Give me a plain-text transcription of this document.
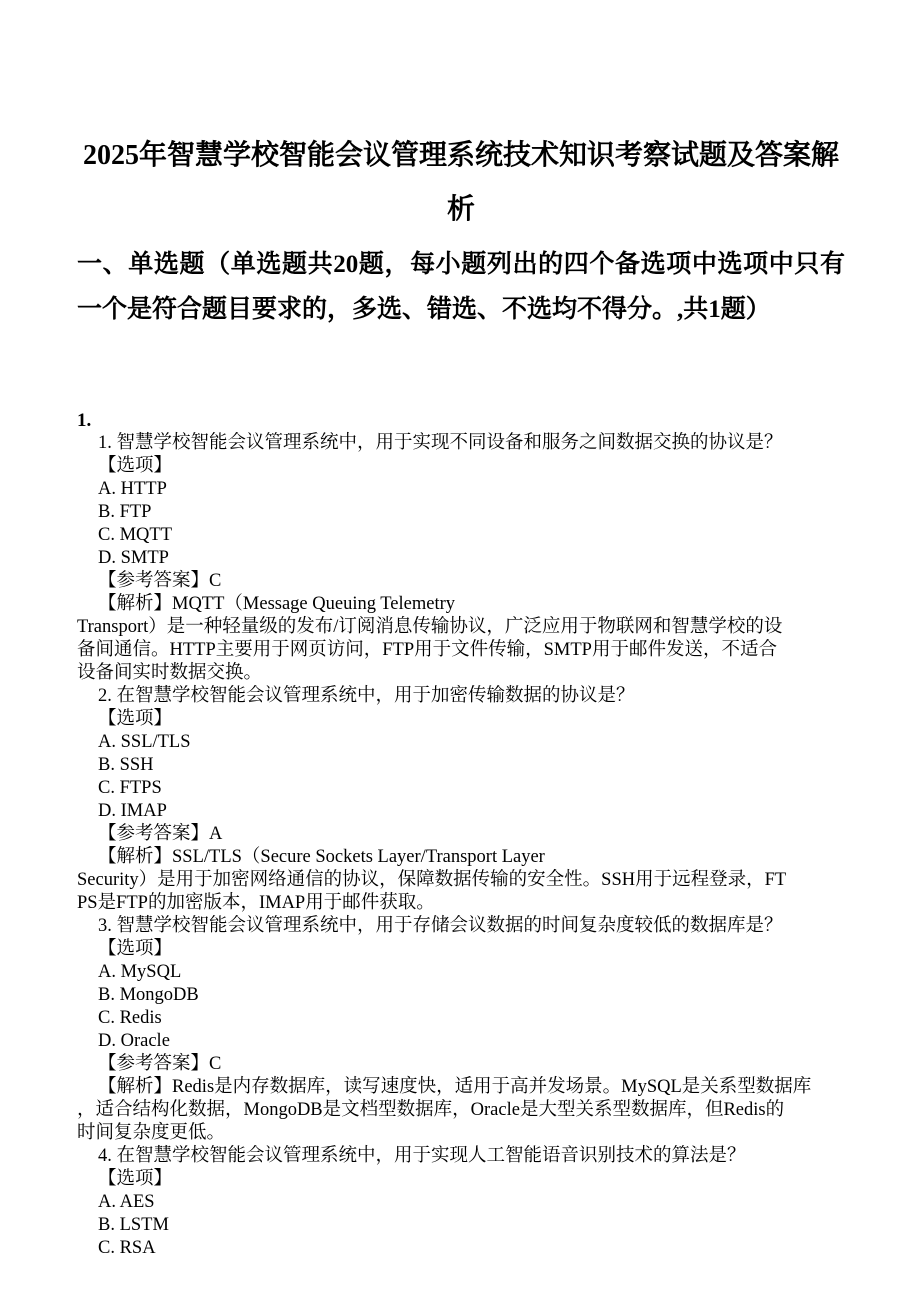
2025年智慧学校智能会议管理系统技术知识考察试题及答案解
析
一、单选题（单选题共20题，每小题列出的四个备选项中选项中只有
一个是符合题目要求的，多选、错选、不选均不得分。,共1题）
1.
1. 智慧学校智能会议管理系统中，用于实现不同设备和服务之间数据交换的协议是？
【选项】
A. HTTP
B. FTP
C. MQTT
D. SMTP
【参考答案】C
【解析】MQTT（Message Queuing Telemetry
Transport）是一种轻量级的发布/订阅消息传输协议，广泛应用于物联网和智慧学校的设
备间通信。HTTP主要用于网页访问，FTP用于文件传输，SMTP用于邮件发送，不适合
设备间实时数据交换。
2. 在智慧学校智能会议管理系统中，用于加密传输数据的协议是？
【选项】
A. SSL/TLS
B. SSH
C. FTPS
D. IMAP
【参考答案】A
【解析】SSL/TLS（Secure Sockets Layer/Transport Layer
Security）是用于加密网络通信的协议，保障数据传输的安全性。SSH用于远程登录，FT
PS是FTP的加密版本，IMAP用于邮件获取。
3. 智慧学校智能会议管理系统中，用于存储会议数据的时间复杂度较低的数据库是？
【选项】
A. MySQL
B. MongoDB
C. Redis
D. Oracle
【参考答案】C
【解析】Redis是内存数据库，读写速度快，适用于高并发场景。MySQL是关系型数据库
，适合结构化数据，MongoDB是文档型数据库，Oracle是大型关系型数据库，但Redis的
时间复杂度更低。
4. 在智慧学校智能会议管理系统中，用于实现人工智能语音识别技术的算法是？
【选项】
A. AES
B. LSTM
C. RSA
